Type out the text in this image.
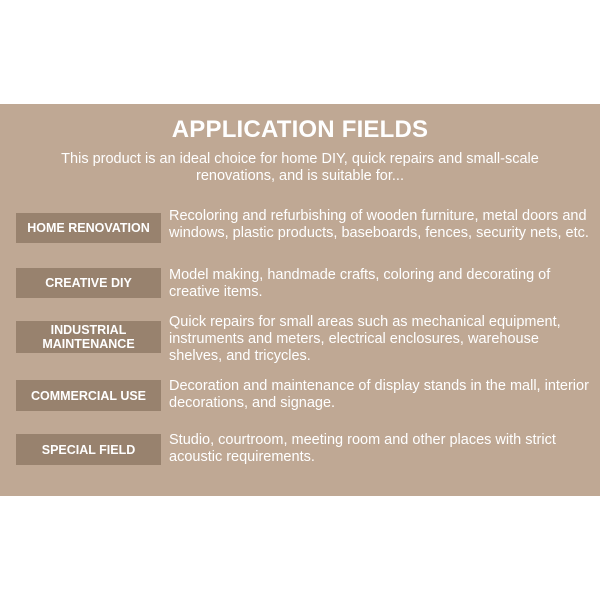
APPLICATION FIELDS
This product is an ideal choice for home DIY, quick repairs and small-scale renovations, and is suitable for...
HOME RENOVATION
Recoloring and refurbishing of wooden furniture, metal doors and windows, plastic products, baseboards, fences, security nets, etc.
CREATIVE DIY	Model making, handmade crafts, coloring and decorating of creative items.
INDUSTRIAL MAINTENANCE
Quick repairs for small areas such as mechanical equipment, instruments and meters, electrical enclosures, warehouse shelves, and tricycles.
COMMERCIAL USE
Decoration and maintenance of display stands in the mall, interior decorations, and signage.
SPECIAL FIELD
Studio, courtroom, meeting room and other places with strict acoustic requirements.
